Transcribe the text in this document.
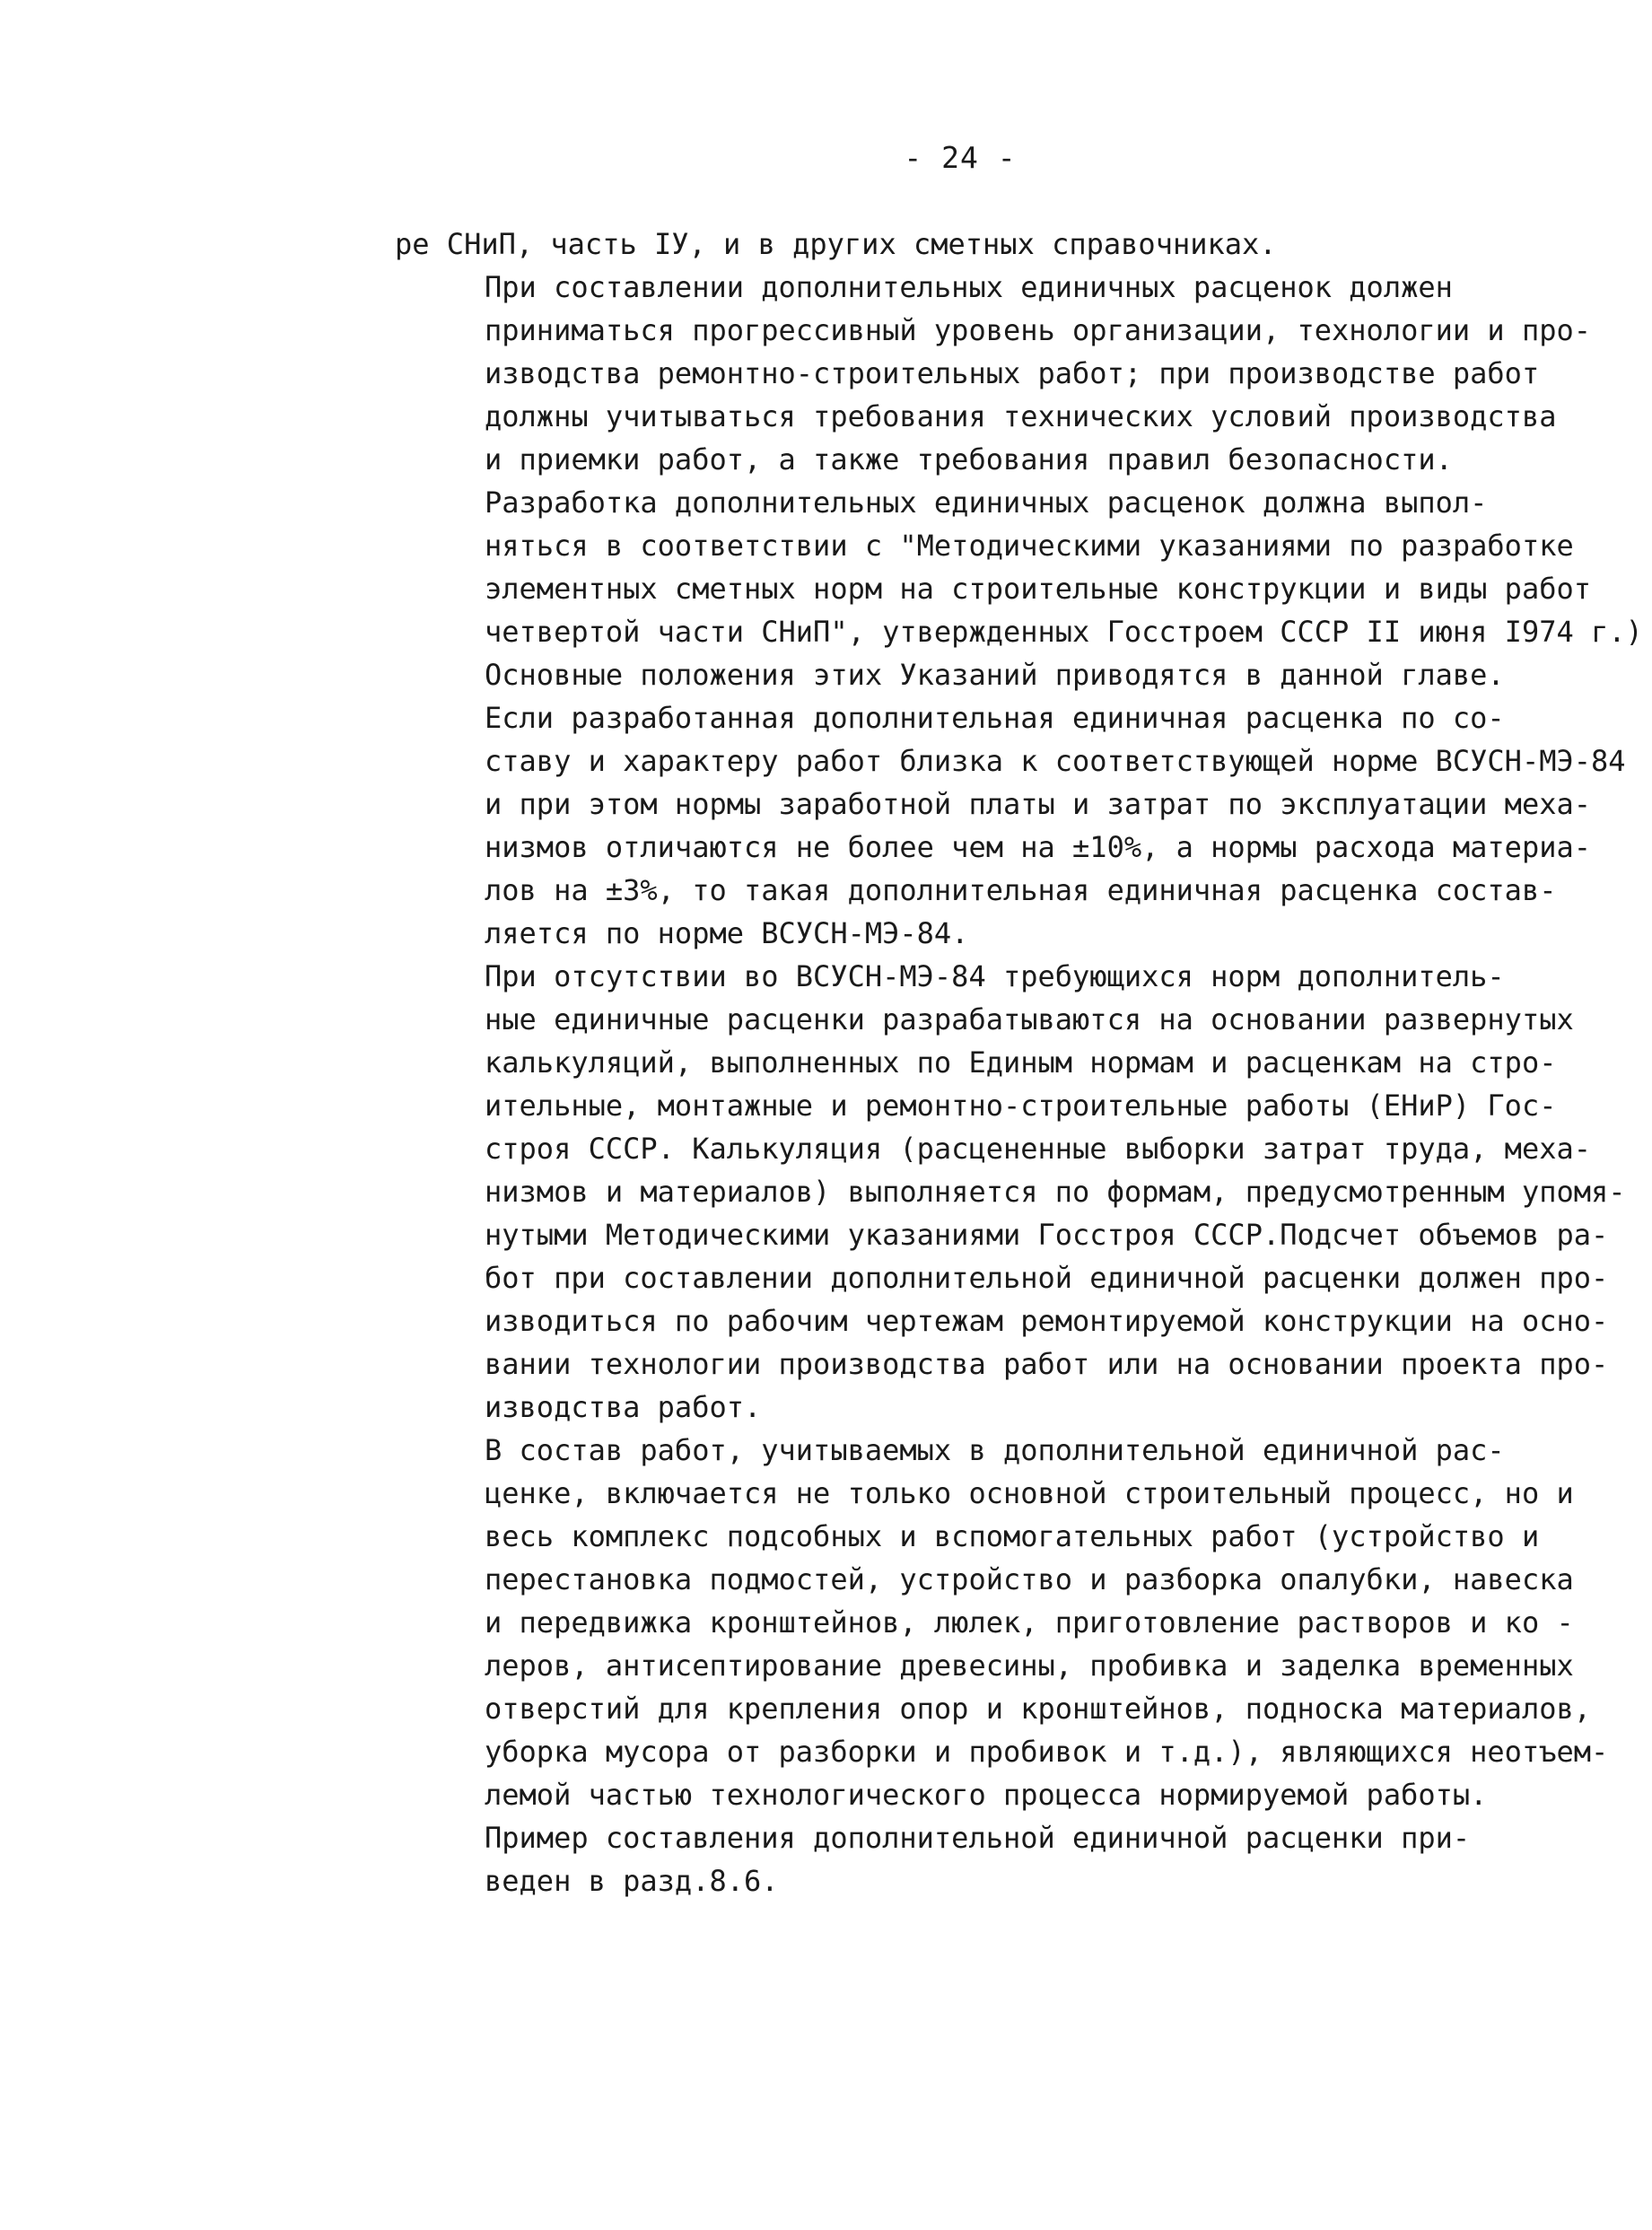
- 24 -

ре СНиП, часть IУ, и в других сметных справочниках.

При составлении дополнительных единичных расценок должен
приниматься прогрессивный уровень организации, технологии и про-
изводства ремонтно-строительных работ; при производстве работ
должны учитываться требования технических условий производства
и приемки работ, а также требования правил безопасности.

Разработка дополнительных единичных расценок должна выпол-
няться в соответствии с "Методическими указаниями по разработке
элементных сметных норм на строительные конструкции и виды работ
четвертой части СНиП", утвержденных Госстроем СССР II июня I974 г.)
Основные положения этих Указаний приводятся в данной главе.

Если разработанная дополнительная единичная расценка по со-
ставу и характеру работ близка к соответствующей норме ВСУСН-МЭ-84
и при этом нормы заработной платы и затрат по эксплуатации меха-
низмов отличаются не более чем на ±10%, а нормы расхода материа-
лов на ±3%, то такая дополнительная единичная расценка состав-
ляется по норме ВСУСН-МЭ-84.

При отсутствии во ВСУСН-МЭ-84 требующихся норм дополнитель-
ные единичные расценки разрабатываются на основании развернутых
калькуляций, выполненных по Единым нормам и расценкам на стро-
ительные, монтажные и ремонтно-строительные работы (ЕНиР) Гос-
строя СССР. Калькуляция (расцененные выборки затрат труда, меха-
низмов и материалов) выполняется по формам, предусмотренным упомя-
нутыми Методическими указаниями Госстроя СССР.Подсчет объемов ра-
бот при составлении дополнительной единичной расценки должен про-
изводиться по рабочим чертежам ремонтируемой конструкции на осно-
вании технологии производства работ или на основании проекта про-
изводства работ.

В состав работ, учитываемых в дополнительной единичной рас-
ценке, включается не только основной строительный процесс, но и
весь комплекс подсобных и вспомогательных работ (устройство и
перестановка подмостей, устройство и разборка опалубки, навеска
и передвижка кронштейнов, люлек, приготовление растворов и ко -
леров, антисептирование древесины, пробивка и заделка временных
отверстий для крепления опор и кронштейнов, подноска материалов,
уборка мусора от разборки и пробивок и т.д.), являющихся неотъем-
лемой частью технологического процесса нормируемой работы.

Пример составления дополнительной единичной расценки при-
веден в разд.8.6.
